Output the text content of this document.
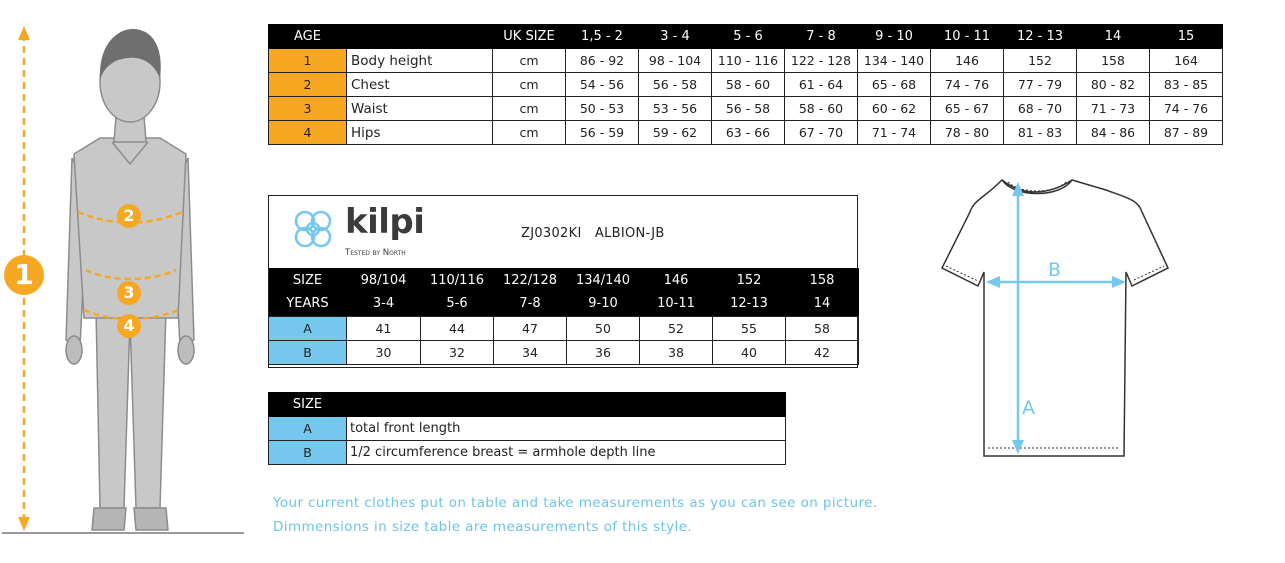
1
2
3
4
AGE		UK SIZE	1,5 - 2	3 - 4	5 - 6	7 - 8	9 - 10	10 - 11	12 - 13	14	15
1	Body height	cm	86 - 92	98 - 104	110 - 116	122 - 128	134 - 140	146	152	158	164
2	Chest	cm	54 - 56	56 - 58	58 - 60	61 - 64	65 - 68	74 - 76	77 - 79	80 - 82	83 - 85
3	Waist	cm	50 - 53	53 - 56	56 - 58	58 - 60	60 - 62	65 - 67	68 - 70	71 - 73	74 - 76
4	Hips	cm	56 - 59	59 - 62	63 - 66	67 - 70	71 - 74	78 - 80	81 - 83	84 - 86	87 - 89
kilpi
Tested by North
ZJ0302KI   ALBION-JB
SIZE	98/104	110/116	122/128	134/140	146	152	158
YEARS	3-4	5-6	7-8	9-10	10-11	12-13	14
A	41	44	47	50	52	55	58
B	30	32	34	36	38	40	42
SIZE	
A	total front length
B	1/2 circumference breast = armhole depth line
Your current clothes put on table and take measurements as you can see on picture.
Dimmensions in size table are measurements of this style.
B
A
